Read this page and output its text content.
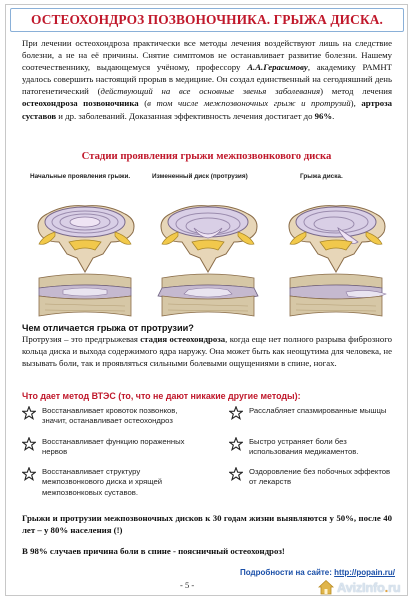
ОСТЕОХОНДРОЗ ПОЗВОНОЧНИКА. ГРЫЖА ДИСКА.
При лечении остеохондроза практически все методы лечения воздействуют лишь на следствие болезни, а не на её причины. Снятие симптомов не останавливает развитие болезни. Нашему соотечественнику, выдающемуся учёному, профессору А.А.Герасимову, академику РАМНТ удалось совершить настоящий прорыв в медицине. Он создал единственный на сегодняшний день патогенетический (действующий на все основные звенья заболевания) метод лечения остеохондроза позвоночника (в том числе межпозвоночных грыж и протрузий), артроза суставов и др. заболеваний. Доказанная эффективность лечения достигает до 96%.
Стадии проявления грыжи межпозвонкового диска
Начальные проявления грыжи.	Измененный диск (протрузия)	Грыжа диска.
Чем отличается грыжа от протрузии?
Протрузия – это предгрыжевая стадия остеохондроза, когда еще нет полного разрыва фиброзного кольца диска и выхода содержимого ядра наружу. Она может быть как неощутима для человека, не вызывать боли, так и проявляться сильными болевыми ощущениями в спине, ногах.
Что дает метод ВТЭС (то, что не дают никакие другие методы):
Восстанавливает кровоток позвонков, значит, останавливает остеохондроз
Восстанавливает функцию пораженных нервов
Восстанавливает структуру межпозвонкового диска и хрящей межпозвонковых суставов.
Расслабляет спазмированные мышцы
Быстро устраняет боли без использования медикаментов.
Оздоровление без побочных эффектов от лекарств
Грыжи и протрузии межпозвоночных дисков к 30 годам жизни выявляются у 50%, после 40 лет – у 80% населения (!)
В 98% случаев причина боли в спине - поясничный остеохондроз!
Подробности на сайте: http://popain.ru/
- 5 -	AvizInfo.ru
